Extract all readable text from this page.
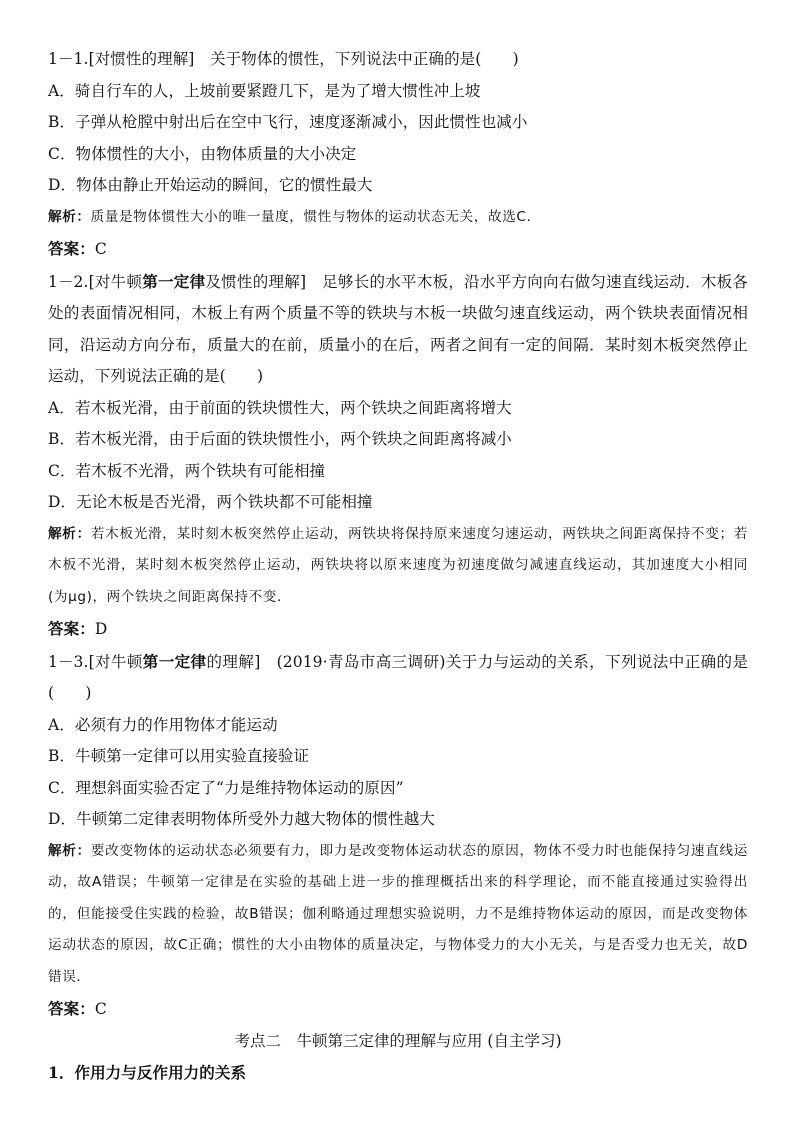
1－1.[对惯性的理解]　关于物体的惯性，下列说法中正确的是(　　)
A．骑自行车的人，上坡前要紧蹬几下，是为了增大惯性冲上坡
B．子弹从枪膛中射出后在空中飞行，速度逐渐减小，因此惯性也减小
C．物体惯性的大小，由物体质量的大小决定
D．物体由静止开始运动的瞬间，它的惯性最大
解析：质量是物体惯性大小的唯一量度，惯性与物体的运动状态无关，故选C.
答案：C
1－2.[对牛顿第一定律及惯性的理解]　足够长的水平木板，沿水平方向向右做匀速直线运动．木板各处的表面情况相同，木板上有两个质量不等的铁块与木板一块做匀速直线运动，两个铁块表面情况相同，沿运动方向分布，质量大的在前，质量小的在后，两者之间有一定的间隔．某时刻木板突然停止运动，下列说法正确的是(　　)
A．若木板光滑，由于前面的铁块惯性大，两个铁块之间距离将增大
B．若木板光滑，由于后面的铁块惯性小，两个铁块之间距离将减小
C．若木板不光滑，两个铁块有可能相撞
D．无论木板是否光滑，两个铁块都不可能相撞
解析：若木板光滑，某时刻木板突然停止运动，两铁块将保持原来速度匀速运动，两铁块之间距离保持不变；若木板不光滑，某时刻木板突然停止运动，两铁块将以原来速度为初速度做匀减速直线运动，其加速度大小相同(为μg)，两个铁块之间距离保持不变．
答案：D
1－3.[对牛顿第一定律的理解]　(2019·青岛市高三调研)关于力与运动的关系，下列说法中正确的是(　　)
A．必须有力的作用物体才能运动
B．牛顿第一定律可以用实验直接验证
C．理想斜面实验否定了“力是维持物体运动的原因”
D．牛顿第二定律表明物体所受外力越大物体的惯性越大
解析：要改变物体的运动状态必须要有力，即力是改变物体运动状态的原因，物体不受力时也能保持匀速直线运动，故A错误；牛顿第一定律是在实验的基础上进一步的推理概括出来的科学理论，而不能直接通过实验得出的，但能接受住实践的检验，故B错误；伽利略通过理想实验说明，力不是维持物体运动的原因，而是改变物体运动状态的原因，故C正确；惯性的大小由物体的质量决定，与物体受力的大小无关，与是否受力也无关，故D错误．
答案：C
考点二　牛顿第三定律的理解与应用 (自主学习)
1．作用力与反作用力的关系
